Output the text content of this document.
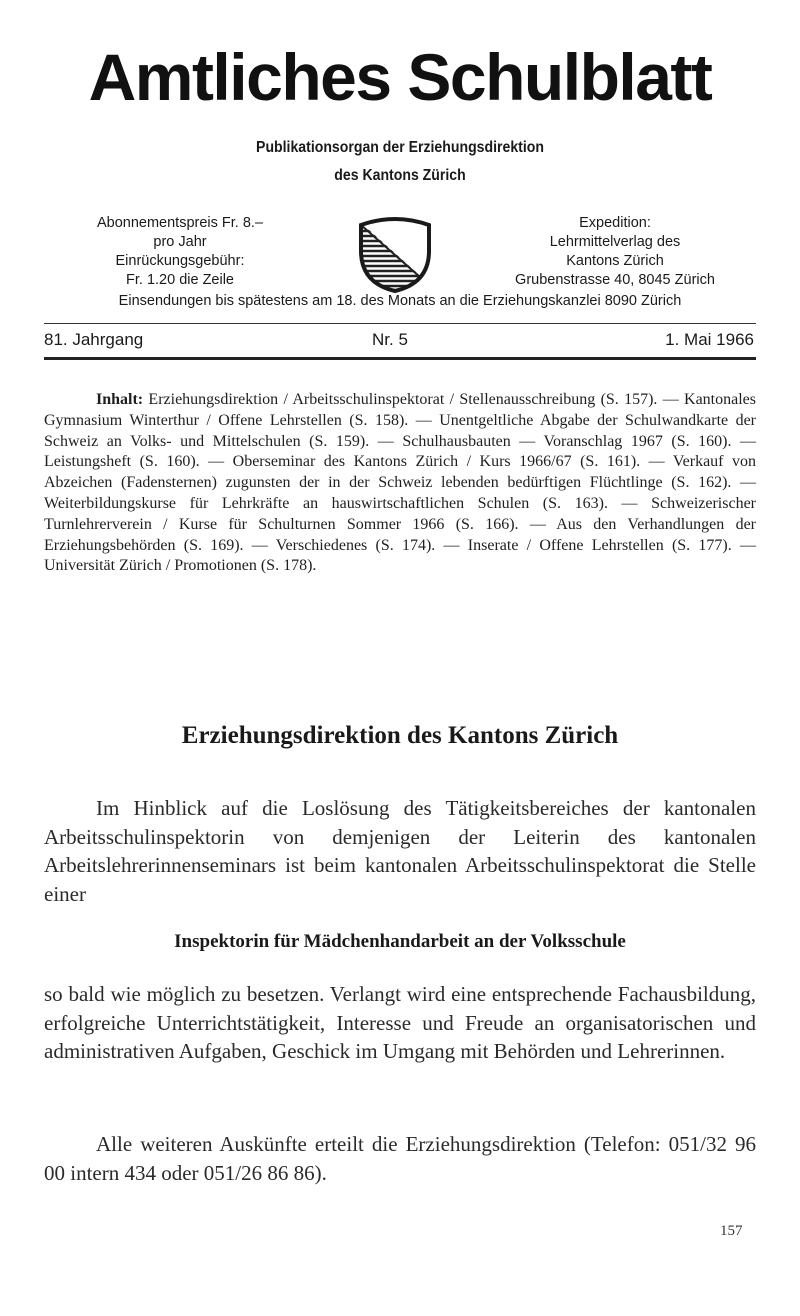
Amtliches Schulblatt
Publikationsorgan der Erziehungsdirektion
des Kantons Zürich
Abonnementspreis Fr. 8.–
pro Jahr
Einrückungsgebühr:
Fr. 1.20 die Zeile
Expedition:
Lehrmittelverlag des
Kantons Zürich
Grubenstrasse 40, 8045 Zürich
Einsendungen bis spätestens am 18. des Monats an die Erziehungskanzlei 8090 Zürich
81. Jahrgang	Nr. 5	1. Mai 1966
Inhalt: Erziehungsdirektion / Arbeitsschulinspektorat / Stellenausschreibung (S. 157). — Kantonales Gymnasium Winterthur / Offene Lehrstellen (S. 158). — Unentgeltliche Abgabe der Schulwandkarte der Schweiz an Volks- und Mittelschulen (S. 159). — Schulhausbauten — Voranschlag 1967 (S. 160). — Leistungsheft (S. 160). — Oberseminar des Kantons Zürich / Kurs 1966/67 (S. 161). — Verkauf von Abzeichen (Fadensternen) zugunsten der in der Schweiz lebenden bedürftigen Flüchtlinge (S. 162). — Weiterbildungskurse für Lehrkräfte an hauswirtschaftlichen Schulen (S. 163). — Schweizerischer Turnlehrerverein / Kurse für Schulturnen Sommer 1966 (S. 166). — Aus den Verhandlungen der Erziehungsbehörden (S. 169). — Verschiedenes (S. 174). — Inserate / Offene Lehrstellen (S. 177). — Universität Zürich / Promotionen (S. 178).
Erziehungsdirektion des Kantons Zürich
Im Hinblick auf die Loslösung des Tätigkeitsbereiches der kantonalen Arbeitsschulinspektorin von demjenigen der Leiterin des kantonalen Arbeitslehrerinnenseminars ist beim kantonalen Arbeitsschulinspektorat die Stelle einer
Inspektorin für Mädchenhandarbeit an der Volksschule
so bald wie möglich zu besetzen. Verlangt wird eine entsprechende Fachausbildung, erfolgreiche Unterrichtstätigkeit, Interesse und Freude an organisatorischen und administrativen Aufgaben, Geschick im Umgang mit Behörden und Lehrerinnen.
Alle weiteren Auskünfte erteilt die Erziehungsdirektion (Telefon: 051/32 96 00 intern 434 oder 051/26 86 86).
157
